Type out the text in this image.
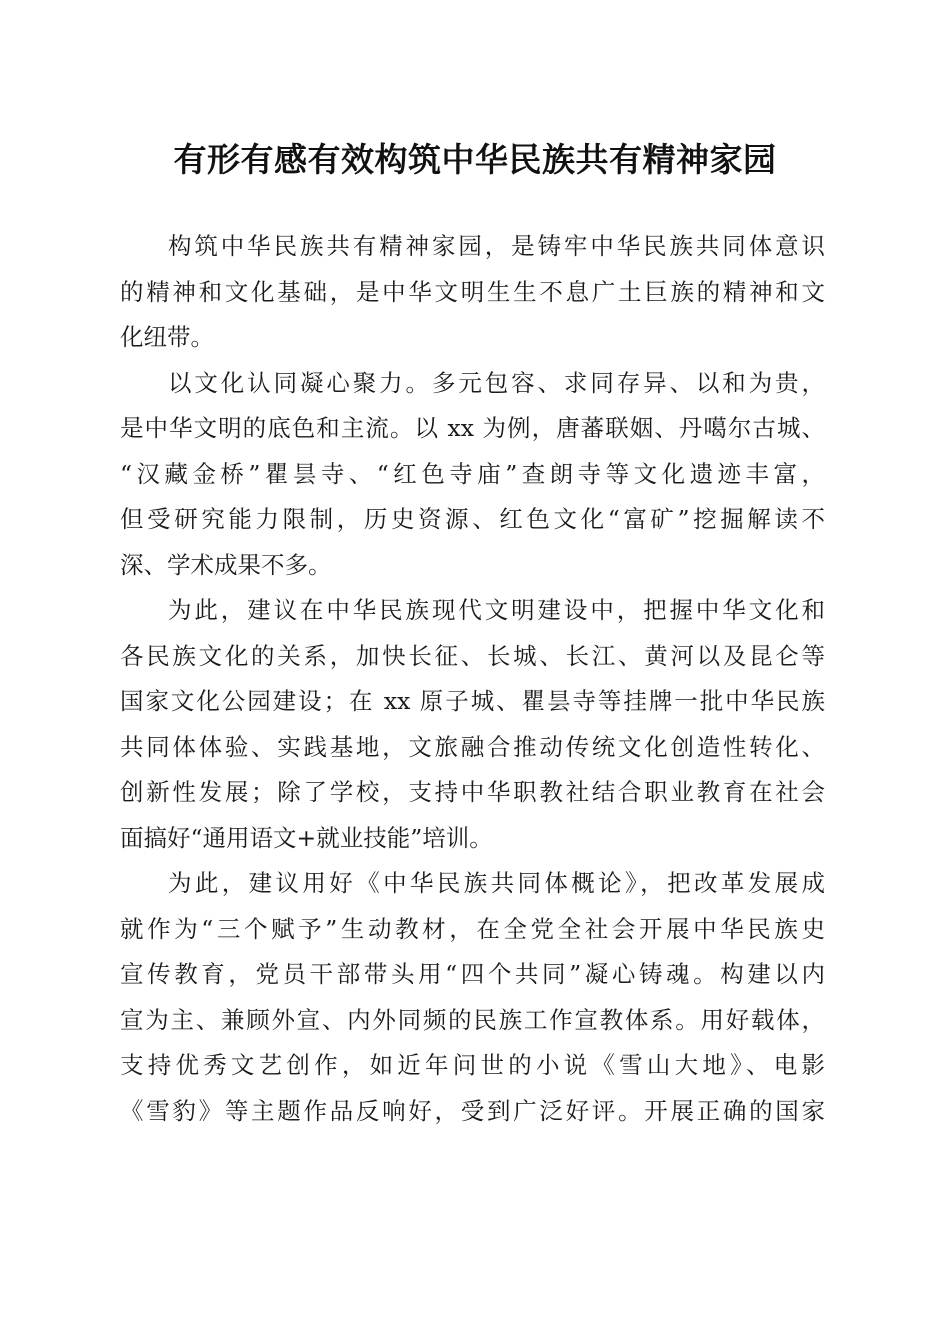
有形有感有效构筑中华民族共有精神家园
构筑中华民族共有精神家园，是铸牢中华民族共同体意识
的精神和文化基础，是中华文明生生不息广土巨族的精神和文
化纽带。
以文化认同凝心聚力。多元包容、求同存异、以和为贵，
是中华文明的底色和主流。以 xx 为例，唐蕃联姻、丹噶尔古城、
“汉藏金桥”瞿昙寺、“红色寺庙”查朗寺等文化遗迹丰富，
但受研究能力限制，历史资源、红色文化“富矿”挖掘解读不
深、学术成果不多。
为此，建议在中华民族现代文明建设中，把握中华文化和
各民族文化的关系，加快长征、长城、长江、黄河以及昆仑等
国家文化公园建设；在 xx 原子城、瞿昙寺等挂牌一批中华民族
共同体体验、实践基地，文旅融合推动传统文化创造性转化、
创新性发展；除了学校，支持中华职教社结合职业教育在社会
面搞好“通用语文+就业技能”培训。
为此，建议用好《中华民族共同体概论》，把改革发展成
就作为“三个赋予”生动教材，在全党全社会开展中华民族史
宣传教育，党员干部带头用“四个共同”凝心铸魂。构建以内
宣为主、兼顾外宣、内外同频的民族工作宣教体系。用好载体，
支持优秀文艺创作，如近年问世的小说《雪山大地》、电影
《雪豹》等主题作品反响好，受到广泛好评。开展正确的国家
